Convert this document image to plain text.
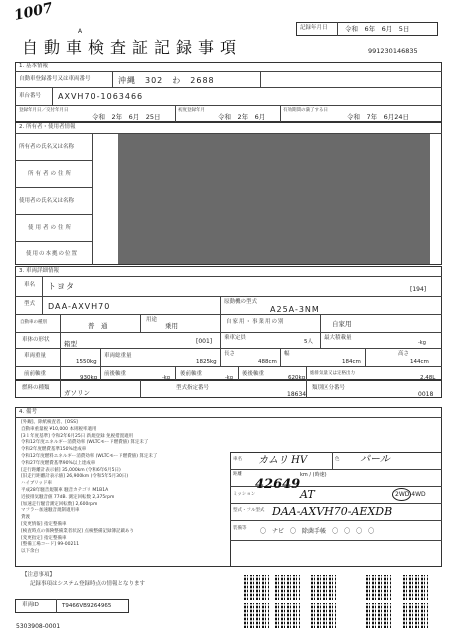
1007
A	記録年月日	令和　6年　6月　5日
自動車検査証記録事項	991230146835
1. 基本情報
自動車登録番号又は車両番号	沖縄　302　わ　2688
車台番号 AXVH70-1063466
登録年月日／交付年月日
令和　2年　6月　25日
初度登録年月
令和　2年　6月
有効期間の満了する日
令和　7年　6月24日
2. 所有者・使用者情報
所有者の氏名又は名称
所有者の住所
使用者の氏名又は名称
使用者の住所
使用の本拠の位置
3. 車両詳細情報
車名 トヨタ	[194]
型式 DAA-AXVH70	原動機の型式
A25A-3NM
自動車の種別	普　通
用途
乗用	自家用・事業用の別	自家用
車体の形状 箱型	[001] 乗車定員
5人
最大積載量
-kg
車両重量
1550kg
車両総重量
1825kg
長さ
488cm
幅
184cm
高さ
144cm
前前軸重
930kg
前後軸重
-kg
後前軸重
-kg
後後軸重
620kg
総排気量又は定格出力
2.48L
燃料の種類
ガソリン
型式指定番号
18634
類別区分番号
0018
4. 備考
[外観]、除紙検査者、[OSS]
自動車重量税 ¥10,000 本則税率適用
[3１年度基準] 令和2年6月25日 新規登録 免税措置適用
令和12年度エネルギー消費効率 (WLTCモード燃費値) 算定未了
令和2年度燃費基準150%達成車
令和12年度燃料エネルギー消費効率 (WLTCモード燃費値) 算定未了
令和27年度燃費基準90%以上達成車
[走行距離計表示値] 35,000km (令和6年6月5日)
[旧走行距離計表示値] 26,900km (令和5年5月30日)
ハイブリッド車
平成28年騒音規制車 騒音カテゴリ M1B1A
近接排気騒音値 77dB. 測定回転数 2,375rpm
[加速走行騒音測定回転数] 2,600rpm
マフラー加速騒音規制適用車
貸渡
[変更情報] 指定整備車
[検査時点の保険整備業者状況] 点検整備記録簿記載あり
[変更指定] 指定整備車
[整備工場コード] 99-00211
以下余白
車名 カムリ HV	色 パール
距離	km / (時速)
42649
ミッション	AT	2WD 4WD
型式・フル型式 DAA-AXVH70-AEXDB
装備等 〇 ナビ 〇 除菌手帳 〇 〇 〇 〇
【注意事項】
記録事項はシステム登録時点の情報となります
車両ID	T9466VB9264965
5303908-0001
